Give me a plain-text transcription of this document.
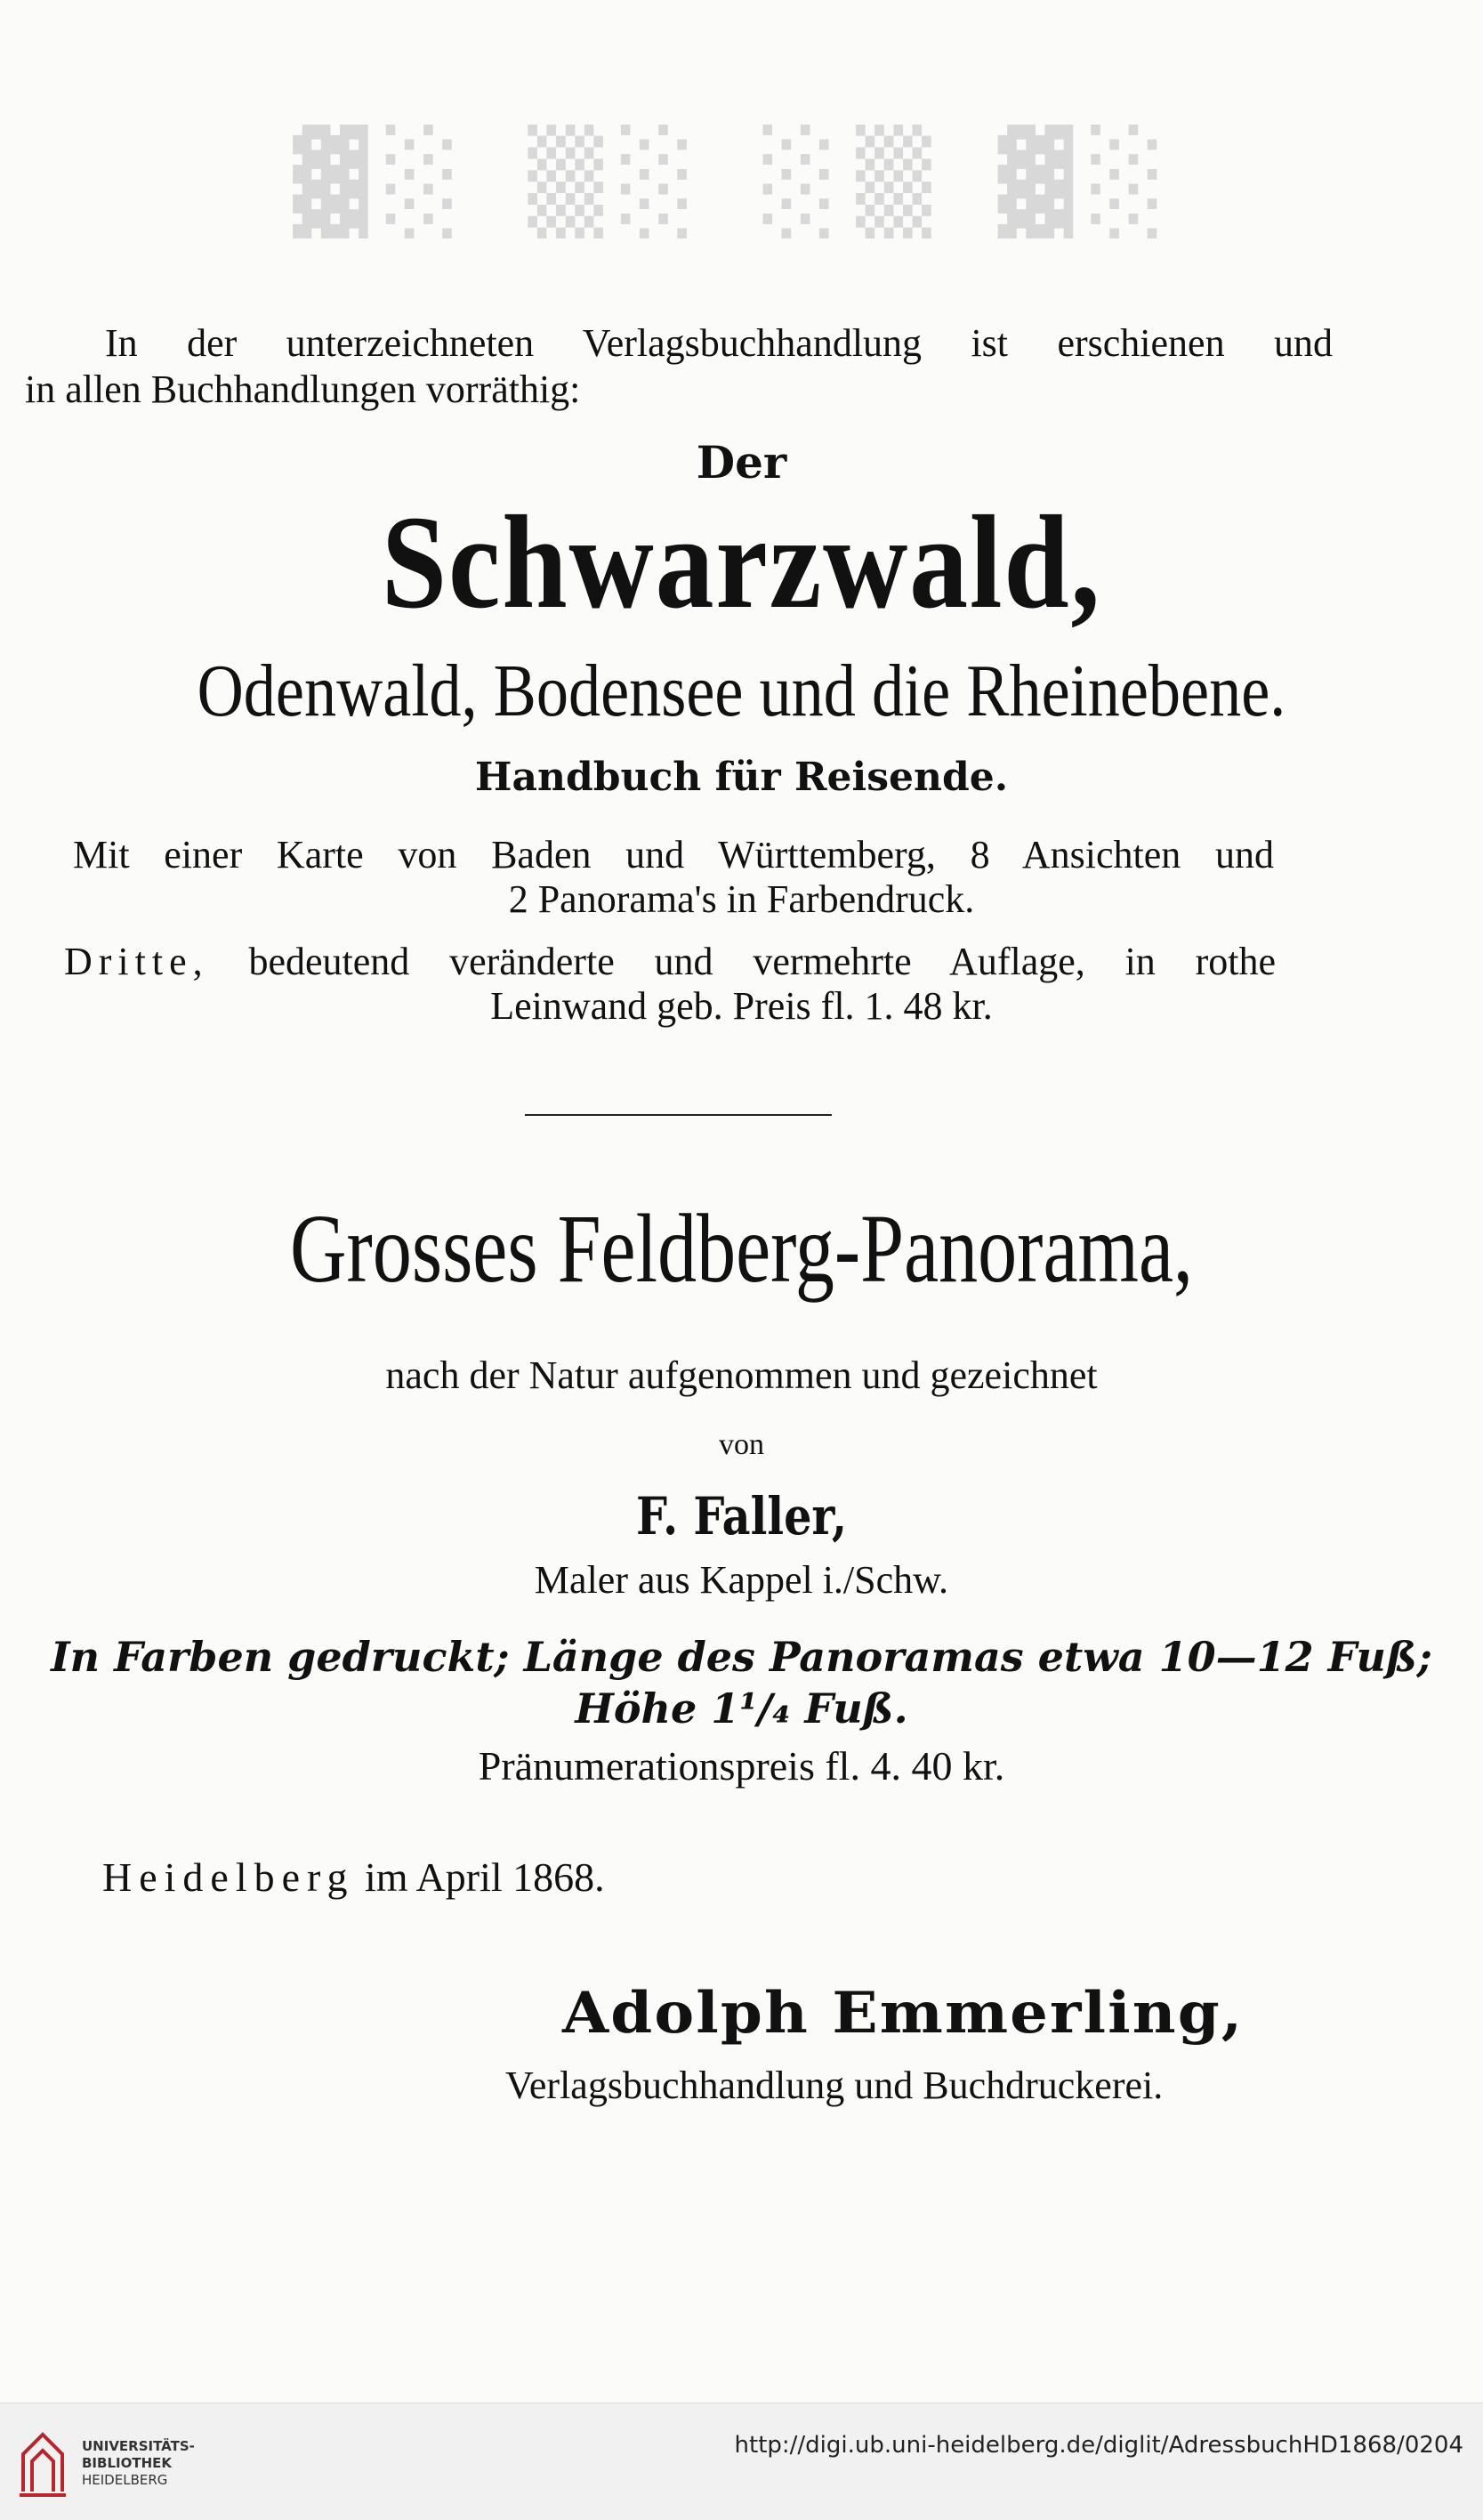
▓░ ▒░ ░▒ ▓░
In der unterzeichneten Verlagsbuchhandlung ist erschienen und
in allen Buchhandlungen vorräthig:
Der
Schwarzwald,
Odenwald, Bodensee und die Rheinebene.
Handbuch für Reisende.
Mit einer Karte von Baden und Württemberg, 8 Ansichten und
2 Panorama's in Farbendruck.
Dritte, bedeutend veränderte und vermehrte Auflage, in rothe
Leinwand geb. Preis fl. 1. 48 kr.
Grosses Feldberg-Panorama,
nach der Natur aufgenommen und gezeichnet
von
F. Faller,
Maler aus Kappel i./Schw.
In Farben gedruckt; Länge des Panoramas etwa 10—12 Fuß;
Höhe 1¹/₄ Fuß.
Pränumerationspreis fl. 4. 40 kr.
Heidelberg im April 1868.
Adolph Emmerling,
Verlagsbuchhandlung und Buchdruckerei.
UNIVERSITÄTS-
BIBLIOTHEK
HEIDELBERG
http://digi.ub.uni-heidelberg.de/diglit/AdressbuchHD1868/0204
